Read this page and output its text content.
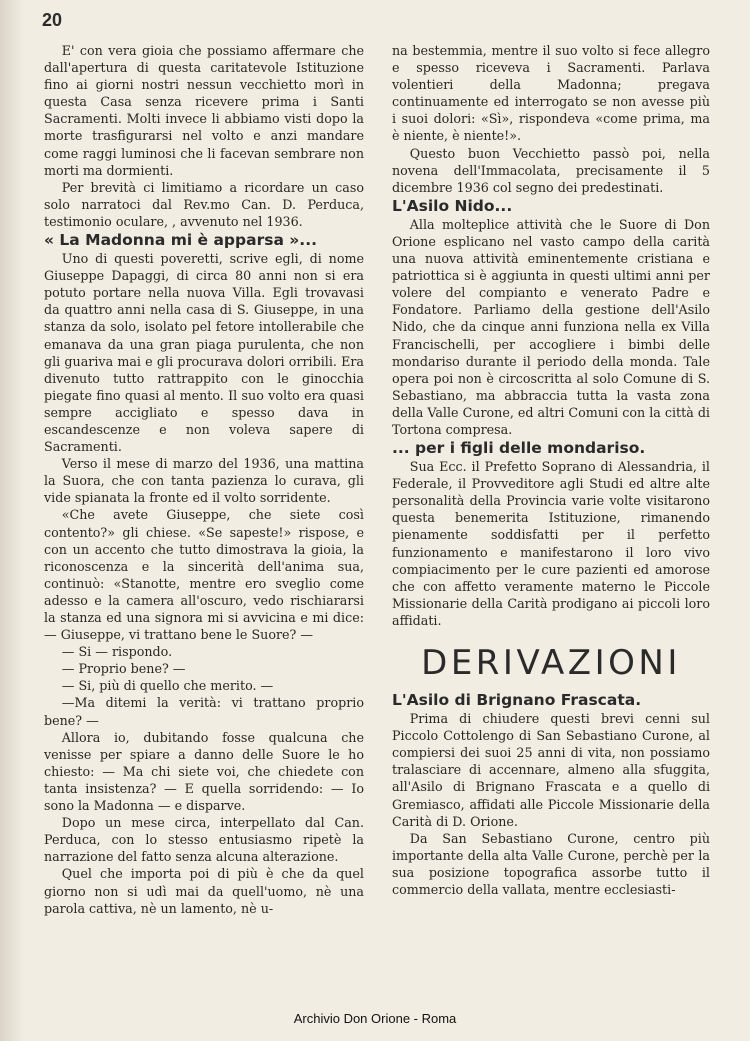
20

E' con vera gioia che possiamo affermare che dall'apertura di questa caritatevole Istituzione fino ai giorni nostri nessun vecchietto morì in questa Casa senza ricevere prima i Santi Sacramenti. Molti invece li abbiamo visti dopo la morte trasfigurarsi nel volto e anzi mandare come raggi luminosi che li facevan sembrare non morti ma dormienti.

Per brevità ci limitiamo a ricordare un caso solo narratoci dal Rev.mo Can. D. Perduca, testimonio oculare, , avvenuto nel 1936.

« La Madonna mi è apparsa »...

Uno di questi poveretti, scrive egli, di nome Giuseppe Dapaggi, di circa 80 anni non si era potuto portare nella nuova Villa. Egli trovavasi da quattro anni nella casa di S. Giuseppe, in una stanza da solo, isolato pel fetore intollerabile che emanava da una gran piaga purulenta, che non gli guariva mai e gli procurava dolori orribili. Era divenuto tutto rattrappito con le ginocchia piegate fino quasi al mento. Il suo volto era quasi sempre accigliato e spesso dava in escandescenze e non voleva sapere di Sacramenti.

Verso il mese di marzo del 1936, una mattina la Suora, che con tanta pazienza lo curava, gli vide spianata la fronte ed il volto sorridente.

«Che avete Giuseppe, che siete così contento?» gli chiese. «Se sapeste!» rispose, e con un accento che tutto dimostrava la gioia, la riconoscenza e la sincerità dell'anima sua, continuò: «Stanotte, mentre ero sveglio come adesso e la camera all'oscuro, vedo rischiararsi la stanza ed una signora mi si avvicina e mi dice: — Giuseppe, vi trattano bene le Suore? —

— Si — rispondo.

— Proprio bene? —

— Si, più di quello che merito. —

—Ma ditemi la verità: vi trattano proprio bene? —

Allora io, dubitando fosse qualcuna che venisse per spiare a danno delle Suore le ho chiesto: — Ma chi siete voi, che chiedete con tanta insistenza? — E quella sorridendo: — Io sono la Madonna — e disparve.

Dopo un mese circa, interpellato dal Can. Perduca, con lo stesso entusiasmo ripetè la narrazione del fatto senza alcuna alterazione.

Quel che importa poi di più è che da quel giorno non si udì mai da quell'uomo, nè una parola cattiva, nè un lamento, nè u-

na bestemmia, mentre il suo volto si fece allegro e spesso riceveva i Sacramenti. Parlava volentieri della Madonna; pregava continuamente ed interrogato se non avesse più i suoi dolori: «Sì», rispondeva «come prima, ma è niente, è niente!».

Questo buon Vecchietto passò poi, nella novena dell'Immacolata, precisamente il 5 dicembre 1936 col segno dei predestinati.

L'Asilo Nido...

Alla molteplice attività che le Suore di Don Orione esplicano nel vasto campo della carità una nuova attività eminentemente cristiana e patriottica si è aggiunta in questi ultimi anni per volere del compianto e venerato Padre e Fondatore. Parliamo della gestione dell'Asilo Nido, che da cinque anni funziona nella ex Villa Francischelli, per accogliere i bimbi delle mondariso durante il periodo della monda. Tale opera poi non è circoscritta al solo Comune di S. Sebastiano, ma abbraccia tutta la vasta zona della Valle Curone, ed altri Comuni con la città di Tortona compresa.

... per i figli delle mondariso.

Sua Ecc. il Prefetto Soprano di Alessandria, il Federale, il Provveditore agli Studi ed altre alte personalità della Provincia varie volte visitarono questa benemerita Istituzione, rimanendo pienamente soddisfatti per il perfetto funzionamento e manifestarono il loro vivo compiacimento per le cure pazienti ed amorose che con affetto veramente materno le Piccole Missionarie della Carità prodigano ai piccoli loro affidati.

DERIVAZIONI
L'Asilo di Brignano Frascata.

Prima di chiudere questi brevi cenni sul Piccolo Cottolengo di San Sebastiano Curone, al compiersi dei suoi 25 anni di vita, non possiamo tralasciare di accennare, almeno alla sfuggita, all'Asilo di Brignano Frascata e a quello di Gremiasco, affidati alle Piccole Missionarie della Carità di D. Orione.

Da San Sebastiano Curone, centro più importante della alta Valle Curone, perchè per la sua posizione topografica assorbe tutto il commercio della vallata, mentre ecclesiasti-

Archivio Don Orione - Roma
